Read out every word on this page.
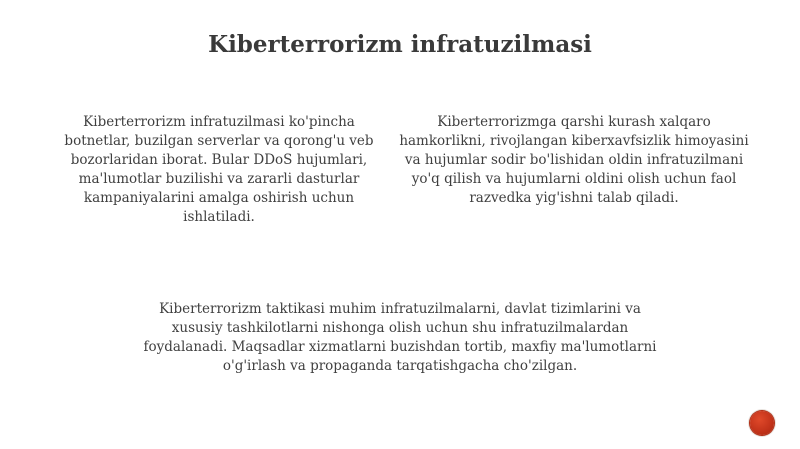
Kiberterrorizm infratuzilmasi

Kiberterrorizm infratuzilmasi ko'pincha botnetlar, buzilgan serverlar va qorong'u veb bozorlaridan iborat. Bular DDoS hujumlari, ma'lumotlar buzilishi va zararli dasturlar kampaniyalarini amalga oshirish uchun ishlatiladi.

Kiberterrorizmga qarshi kurash xalqaro hamkorlikni, rivojlangan kiberxavfsizlik himoyasini va hujumlar sodir bo'lishidan oldin infratuzilmani yo'q qilish va hujumlarni oldini olish uchun faol razvedka yig'ishni talab qiladi.

Kiberterrorizm taktikasi muhim infratuzilmalarni, davlat tizimlarini va xususiy tashkilotlarni nishonga olish uchun shu infratuzilmalardan foydalanadi. Maqsadlar xizmatlarni buzishdan tortib, maxfiy ma'lumotlarni o'g'irlash va propaganda tarqatishgacha cho'zilgan.
